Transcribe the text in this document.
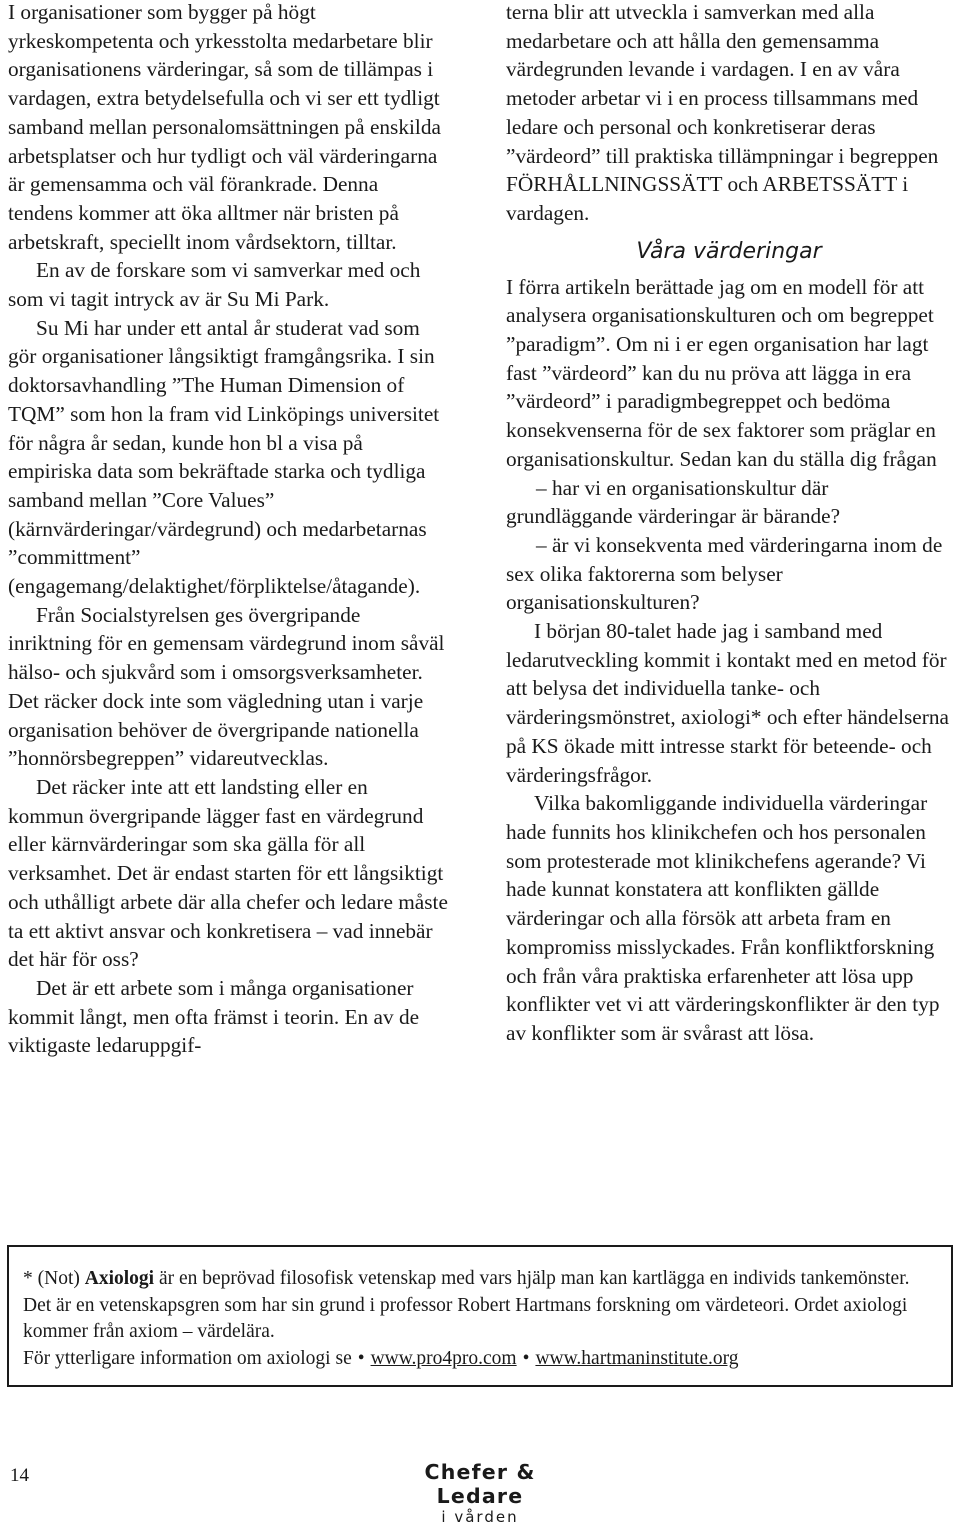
I organisationer som bygger på högt yrkeskompetenta och yrkesstolta medarbetare blir organisationens värderingar, så som de tillämpas i vardagen, extra betydelsefulla och vi ser ett tydligt samband mellan personalomsättningen på enskilda arbetsplatser och hur tydligt och väl värderingarna är gemensamma och väl förankrade. Denna tendens kommer att öka alltmer när bristen på arbetskraft, speciellt inom vårdsektorn, tilltar.

En av de forskare som vi samverkar med och som vi tagit intryck av är Su Mi Park.

Su Mi har under ett antal år studerat vad som gör organisationer långsiktigt framgångsrika. I sin doktorsavhandling ”The Human Dimension of TQM” som hon la fram vid Linköpings universitet för några år sedan, kunde hon bl a visa på empiriska data som bekräftade starka och tydliga samband mellan ”Core Values” (kärnvärderingar/värdegrund) och medarbetarnas ”committment” (engagemang/delaktighet/förpliktelse/åtagande).

Från Socialstyrelsen ges övergripande inriktning för en gemensam värdegrund inom såväl hälso- och sjukvård som i omsorgsverksamheter. Det räcker dock inte som vägledning utan i varje organisation behöver de övergripande nationella ”honnörsbegreppen” vidareutvecklas.

Det räcker inte att ett landsting eller en kommun övergripande lägger fast en värdegrund eller kärnvärderingar som ska gälla för all verksamhet. Det är endast starten för ett långsiktigt och uthålligt arbete där alla chefer och ledare måste ta ett aktivt ansvar och konkretisera – vad innebär det här för oss?

Det är ett arbete som i många organisationer kommit långt, men ofta främst i teorin. En av de viktigaste ledaruppgif-

terna blir att utveckla i samverkan med alla medarbetare och att hålla den gemensamma värdegrunden levande i vardagen. I en av våra metoder arbetar vi i en process tillsammans med ledare och personal och konkretiserar deras ”värdeord” till praktiska tillämpningar i begreppen FÖRHÅLLNINGSSÄTT och ARBETSSÄTT i vardagen.

Våra värderingar

I förra artikeln berättade jag om en modell för att analysera organisationskulturen och om begreppet ”paradigm”. Om ni i er egen organisation har lagt fast ”värdeord” kan du nu pröva att lägga in era ”värdeord” i paradigmbegreppet och bedöma konsekvenserna för de sex faktorer som präglar en organisationskultur. Sedan kan du ställa dig frågan

– har vi en organisationskultur där grundläggande värderingar är bärande?

– är vi konsekventa med värderingarna inom de sex olika faktorerna som belyser organisationskulturen?

I början 80-talet hade jag i samband med ledarutveckling kommit i kontakt med en metod för att belysa det individuella tanke- och värderingsmönstret, axiologi* och efter händelserna på KS ökade mitt intresse starkt för beteende- och värderingsfrågor.

Vilka bakomliggande individuella värderingar hade funnits hos klinikchefen och hos personalen som protesterade mot klinikchefens agerande? Vi hade kunnat konstatera att konflikten gällde värderingar och alla försök att arbeta fram en kompromiss misslyckades. Från konfliktforskning och från våra praktiska erfarenheter att lösa upp konflikter vet vi att värderingskonflikter är den typ av konflikter som är svårast att lösa.

* (Not) Axiologi är en beprövad filosofisk vetenskap med vars hjälp man kan kartlägga en individs tankemönster. Det är en vetenskapsgren som har sin grund i professor Robert Hartmans forskning om värdeteori. Ordet axiologi kommer från axiom – värdelära.

För ytterligare information om axiologi se • www.pro4pro.com • www.hartmaninstitute.org

14	Chefer & Ledare
i vården
